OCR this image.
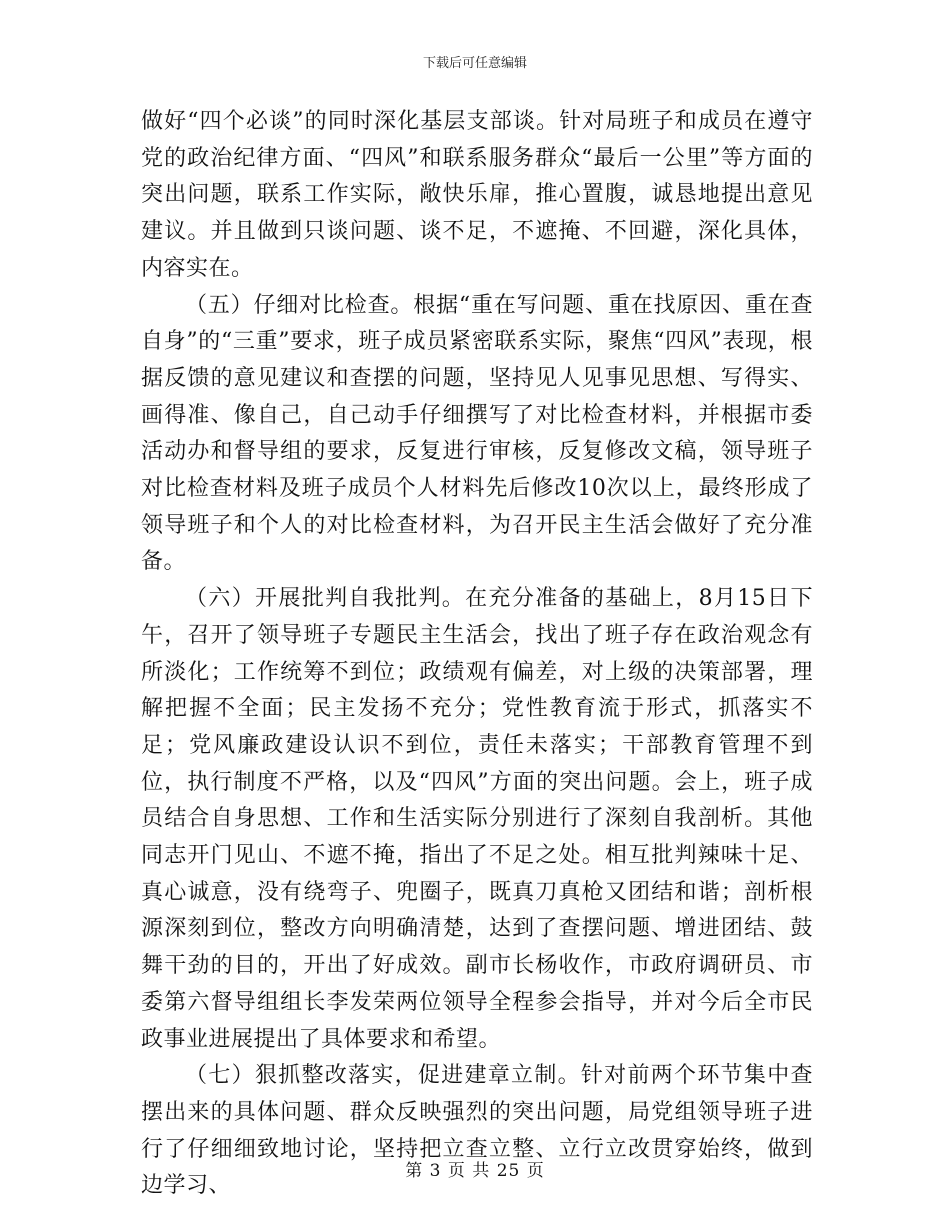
下载后可任意编辑

做好“四个必谈”的同时深化基层支部谈。针对局班子和成员在遵守党的政治纪律方面、“四风”和联系服务群众“最后一公里”等方面的突出问题，联系工作实际，敞快乐扉，推心置腹，诚恳地提出意见建议。并且做到只谈问题、谈不足，不遮掩、不回避，深化具体，内容实在。

（五）仔细对比检查。根据“重在写问题、重在找原因、重在查自身”的“三重”要求，班子成员紧密联系实际，聚焦“四风”表现，根据反馈的意见建议和查摆的问题，坚持见人见事见思想、写得实、画得准、像自己，自己动手仔细撰写了对比检查材料，并根据市委活动办和督导组的要求，反复进行审核，反复修改文稿，领导班子对比检查材料及班子成员个人材料先后修改10次以上，最终形成了领导班子和个人的对比检查材料，为召开民主生活会做好了充分准备。

（六）开展批判自我批判。在充分准备的基础上，8月15日下午，召开了领导班子专题民主生活会，找出了班子存在政治观念有所淡化；工作统筹不到位；政绩观有偏差，对上级的决策部署，理解把握不全面；民主发扬不充分；党性教育流于形式，抓落实不足；党风廉政建设认识不到位，责任未落实；干部教育管理不到位，执行制度不严格，以及“四风”方面的突出问题。会上，班子成员结合自身思想、工作和生活实际分别进行了深刻自我剖析。其他同志开门见山、不遮不掩，指出了不足之处。相互批判辣味十足、真心诚意，没有绕弯子、兜圈子，既真刀真枪又团结和谐；剖析根源深刻到位，整改方向明确清楚，达到了查摆问题、增进团结、鼓舞干劲的目的，开出了好成效。副市长杨收作，市政府调研员、市委第六督导组组长李发荣两位领导全程参会指导，并对今后全市民政事业进展提出了具体要求和希望。

（七）狠抓整改落实，促进建章立制。针对前两个环节集中查摆出来的具体问题、群众反映强烈的突出问题，局党组领导班子进行了仔细细致地讨论，坚持把立查立整、立行立改贯穿始终，做到边学习、

第 3 页 共 25 页
